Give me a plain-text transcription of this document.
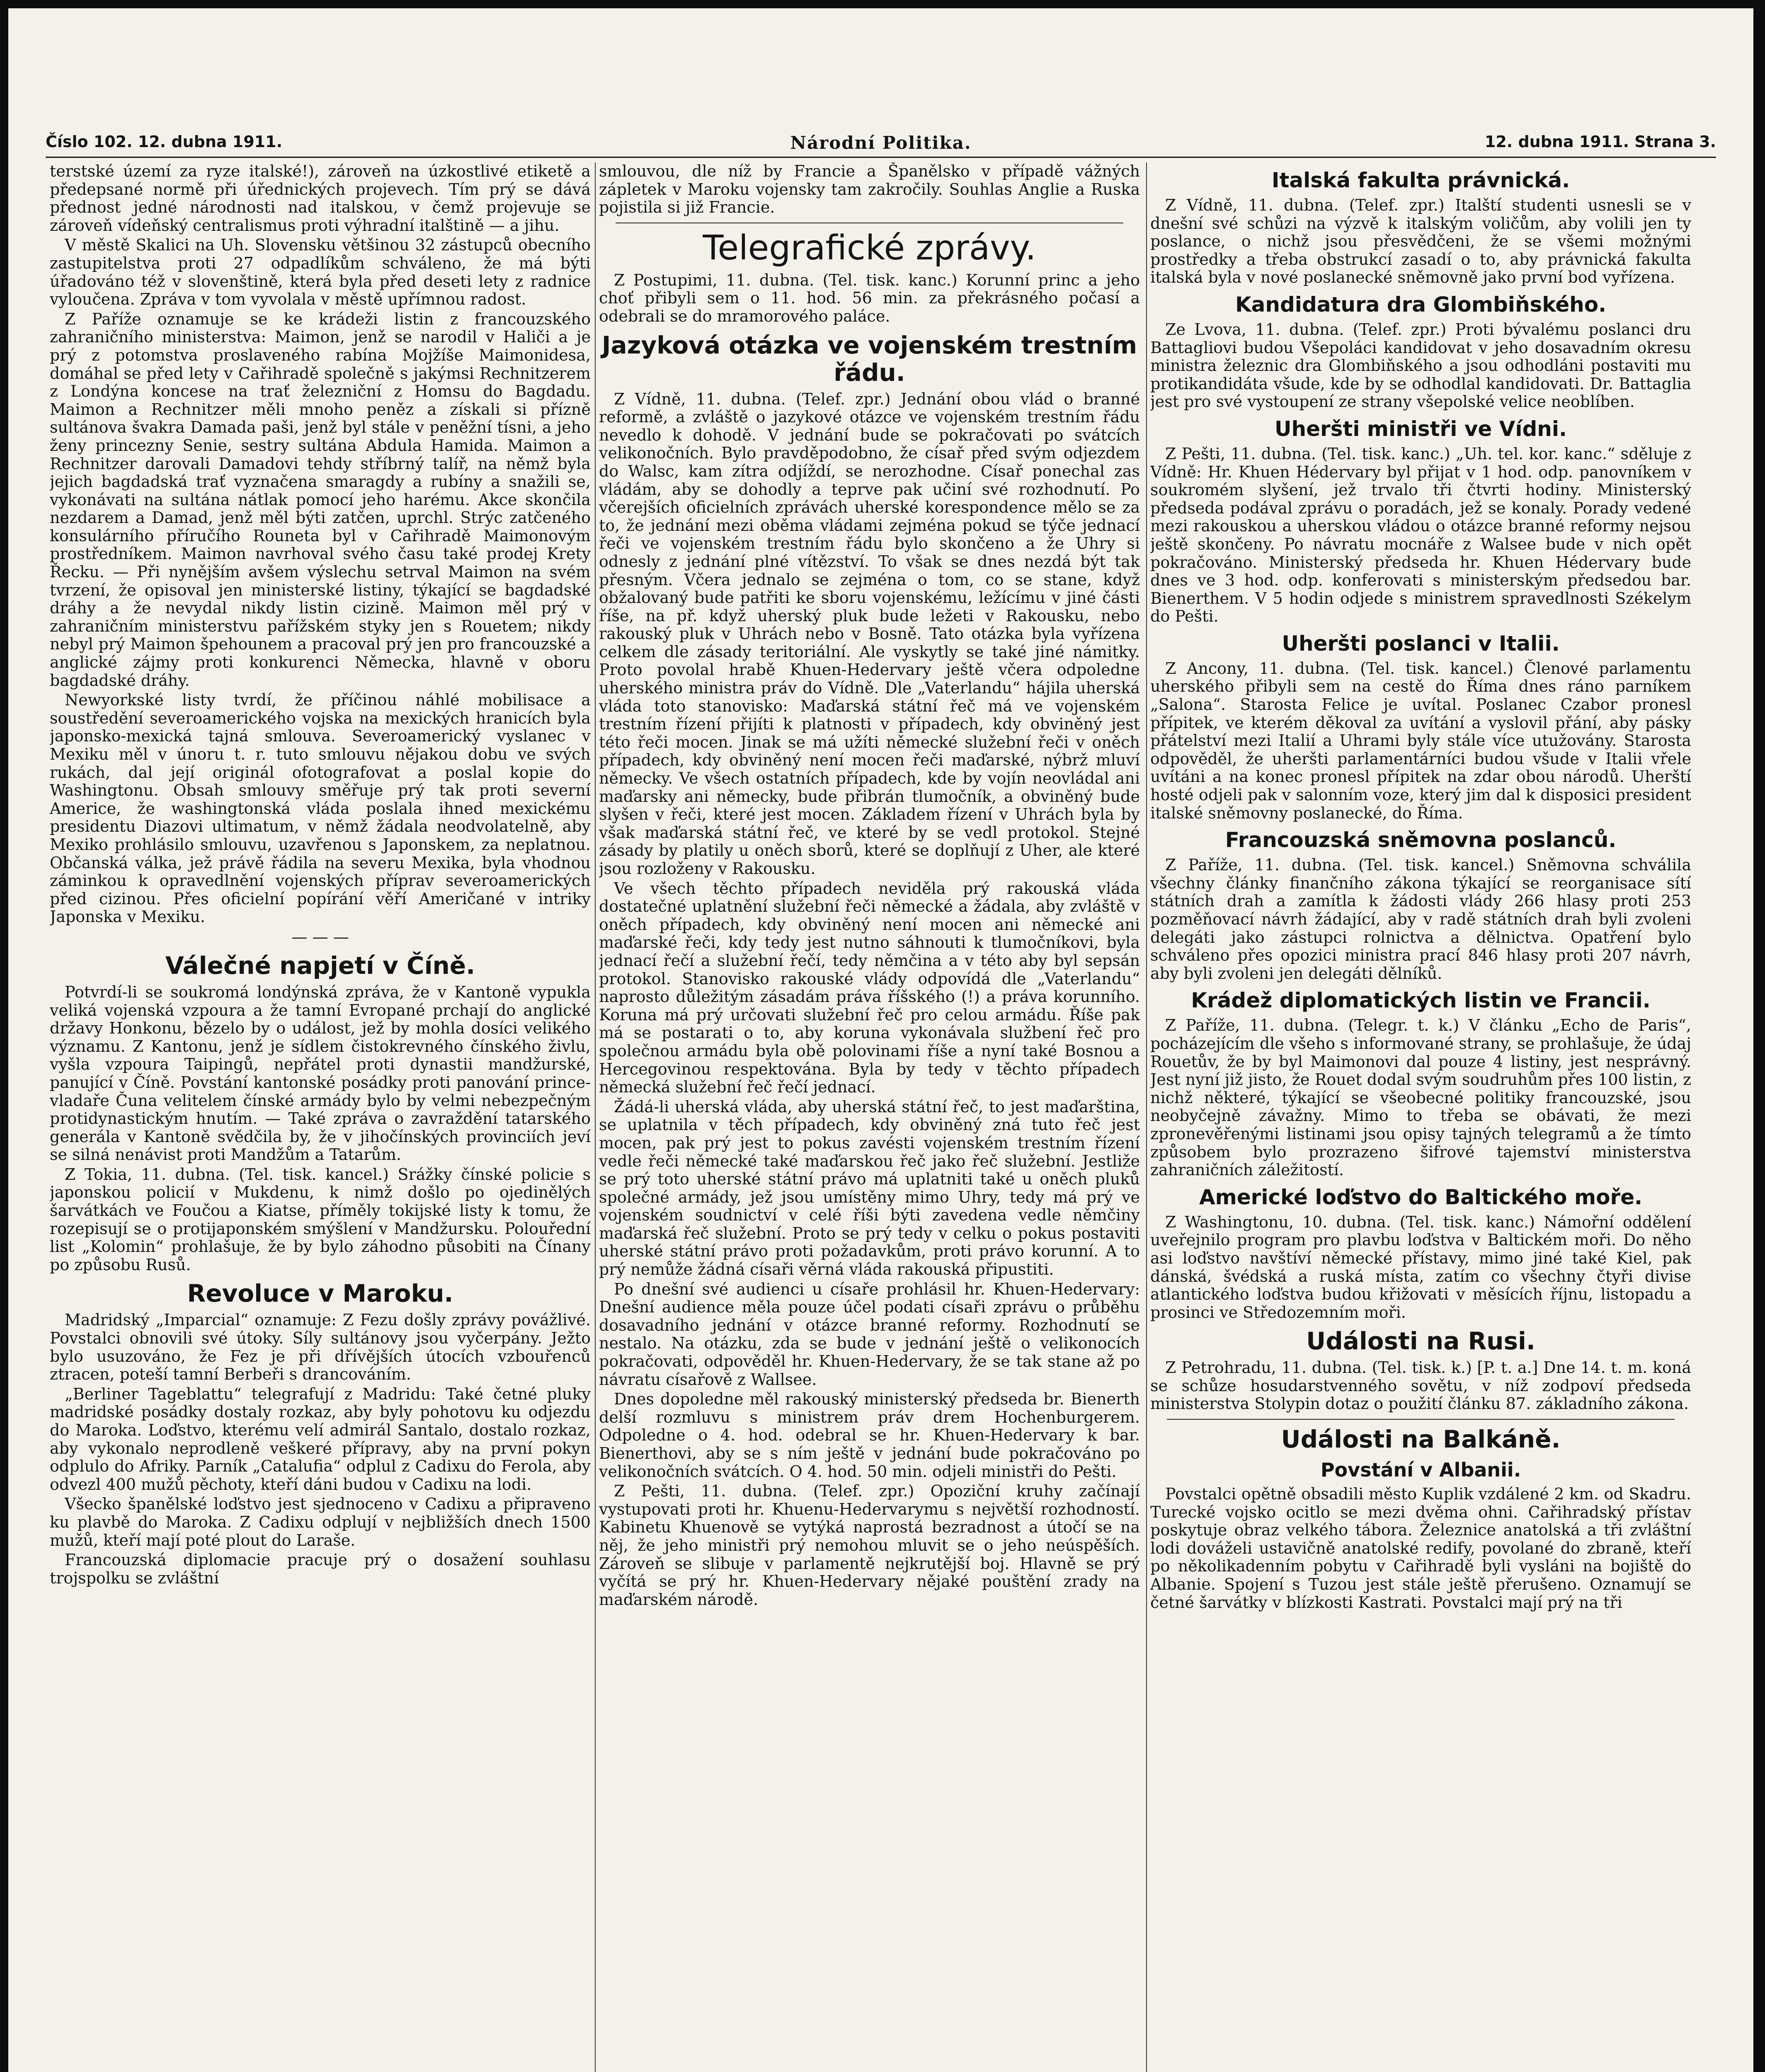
Číslo 102. 12. dubna 1911.	Národní Politika.	12. dubna 1911. Strana 3.

terstské území za ryze italské!), zároveň na úzkostlivé etiketě a předepsané normě při úřednických projevech. Tím prý se dává přednost jedné národnosti nad italskou, v čemž projevuje se zároveň vídeňský centralismus proti výhradní italštině — a jihu.

V městě Skalici na Uh. Slovensku většinou 32 zástupců obecního zastupitelstva proti 27 odpadlíkům schváleno, že má býti úřadováno též v slovenštině, která byla před deseti lety z radnice vyloučena. Zpráva v tom vyvolala v městě upřímnou radost.

Z Paříže oznamuje se ke krádeži listin z francouzského zahraničního ministerstva: Maimon, jenž se narodil v Haliči a je prý z potomstva proslaveného rabína Mojžíše Maimonidesa, domáhal se před lety v Cařihradě společně s jakýmsi Rechnitzerem z Londýna koncese na trať železniční z Homsu do Bagdadu. Maimon a Rechnitzer měli mnoho peněz a získali si přízně sultánova švakra Damada paši, jenž byl stále v peněžní tísni, a jeho ženy princezny Senie, sestry sultána Abdula Hamida. Maimon a Rechnitzer darovali Damadovi tehdy stříbrný talíř, na němž byla jejich bagdadská trať vyznačena smaragdy a rubíny a snažili se, vykonávati na sultána nátlak pomocí jeho harému. Akce skončila nezdarem a Damad, jenž měl býti zatčen, uprchl. Strýc zatčeného konsulárního příručího Rouneta byl v Cařihradě Maimonovým prostředníkem. Maimon navrhoval svého času také prodej Krety Řecku. — Při nynějším avšem výslechu setrval Maimon na svém tvrzení, že opisoval jen ministerské listiny, týkající se bagdadské dráhy a že nevydal nikdy listin cizině. Maimon měl prý v zahraničním ministerstvu pařížském styky jen s Rouetem; nikdy nebyl prý Maimon špehounem a pracoval prý jen pro francouzské a anglické zájmy proti konkurenci Německa, hlavně v oboru bagdadské dráhy.

Newyorkské listy tvrdí, že příčinou náhlé mobilisace a soustředění severoamerického vojska na mexických hranicích byla japonsko-mexická tajná smlouva. Severoamerický vyslanec v Mexiku měl v únoru t. r. tuto smlouvu nějakou dobu ve svých rukách, dal její originál ofotografovat a poslal kopie do Washingtonu. Obsah smlouvy směřuje prý tak proti severní Americe, že washingtonská vláda poslala ihned mexickému presidentu Diazovi ultimatum, v němž žádala neodvolatelně, aby Mexiko prohlásilo smlouvu, uzavřenou s Japonskem, za neplatnou. Občanská válka, jež právě řádila na severu Mexika, byla vhodnou záminkou k opravedlnění vojenských příprav severoamerických před cizinou. Přes oficielní popírání věří Američané v intriky Japonska v Mexiku.

— — —
Válečné napjetí v Číně.

Potvrdí-li se soukromá londýnská zpráva, že v Kantoně vypukla veliká vojenská vzpoura a že tamní Evropané prchají do anglické državy Honkonu, bězelo by o událost, jež by mohla dosíci velikého významu. Z Kantonu, jenž je sídlem čistokrevného čínského živlu, vyšla vzpoura Taipingů, nepřátel proti dynastii mandžurské, panující v Číně. Povstání kantonské posádky proti panování prince-vladaře Čuna velitelem čínské armády bylo by velmi nebezpečným protidynastickým hnutím. — Také zpráva o zavraždění tatarského generála v Kantoně svědčila by, že v jihočínských provinciích jeví se silná nenávist proti Mandžům a Tatarům.

Z Tokia, 11. dubna. (Tel. tisk. kancel.) Srážky čínské policie s japonskou policií v Mukdenu, k nimž došlo po ojedinělých šarvátkách ve Foučou a Kiatse, příměly tokijské listy k tomu, že rozepisují se o protijaponském smýšlení v Mandžursku. Polouřední list „Kolomin“ prohlašuje, že by bylo záhodno působiti na Čínany po způsobu Rusů.

Revoluce v Maroku.

Madridský „Imparcial“ oznamuje: Z Fezu došly zprávy povážlivé. Povstalci obnovili své útoky. Síly sultánovy jsou vyčerpány. Ježto bylo usuzováno, že Fez je při dřívějších útocích vzbouřenců ztracen, poteší tamní Berbeři s drancováním.

„Berliner Tageblattu“ telegrafují z Madridu: Také četné pluky madridské posádky dostaly rozkaz, aby byly pohotovu ku odjezdu do Maroka. Loďstvo, kterému velí admirál Santalo, dostalo rozkaz, aby vykonalo neprodleně veškeré přípravy, aby na první pokyn odplulo do Afriky. Parník „Catalufia“ odplul z Cadixu do Ferola, aby odvezl 400 mužů pěchoty, kteří dáni budou v Cadixu na lodi.

Všecko španělské loďstvo jest sjednoceno v Cadixu a připraveno ku plavbě do Maroka. Z Cadixu odplují v nejbližších dnech 1500 mužů, kteří mají poté plout do Laraše.

Francouzská diplomacie pracuje prý o dosažení souhlasu trojspolku se zvláštní

smlouvou, dle níž by Francie a Španělsko v případě vážných zápletek v Maroku vojensky tam zakročily. Souhlas Anglie a Ruska pojistila si již Francie.

Telegrafické zprávy.

Z Postupimi, 11. dubna. (Tel. tisk. kanc.) Korunní princ a jeho choť přibyli sem o 11. hod. 56 min. za překrásného počasí a odebrali se do mramorového paláce.

Jazyková otázka ve vojenském trestním řádu.

Z Vídně, 11. dubna. (Telef. zpr.) Jednání obou vlád o branné reformě, a zvláště o jazykové otázce ve vojenském trestním řádu nevedlo k dohodě. V jednání bude se pokračovati po svátcích velikonočních. Bylo pravděpodobno, že císař před svým odjezdem do Walsc, kam zítra odjíždí, se nerozhodne. Císař ponechal zas vládám, aby se dohodly a teprve pak učiní své rozhodnutí. Po včerejších oficielních zprávách uherské korespondence mělo se za to, že jednání mezi oběma vládami zejména pokud se týče jednací řeči ve vojenském trestním řádu bylo skončeno a že Uhry si odnesly z jednání plné vítězství. To však se dnes nezdá být tak přesným. Včera jednalo se zejména o tom, co se stane, když obžalovaný bude patřiti ke sboru vojenskému, ležícímu v jiné části říše, na př. když uherský pluk bude ležeti v Rakousku, nebo rakouský pluk v Uhrách nebo v Bosně. Tato otázka byla vyřízena celkem dle zásady teritoriální. Ale vyskytly se také jiné námitky. Proto povolal hrabě Khuen-Hedervary ještě včera odpoledne uherského ministra práv do Vídně. Dle „Vaterlandu“ hájila uherská vláda toto stanovisko: Maďarská státní řeč má ve vojenském trestním řízení přijíti k platnosti v případech, kdy obviněný jest této řeči mocen. Jinak se má užíti německé služební řeči v oněch případech, kdy obviněný není mocen řeči maďarské, nýbrž mluví německy. Ve všech ostatních případech, kde by vojín neovládal ani maďarsky ani německy, bude přibrán tlumočník, a obviněný bude slyšen v řeči, které jest mocen. Základem řízení v Uhrách byla by však maďarská státní řeč, ve které by se vedl protokol. Stejné zásady by platily u oněch sborů, které se doplňují z Uher, ale které jsou rozloženy v Rakousku.

Ve všech těchto případech neviděla prý rakouská vláda dostatečné uplatnění služební řeči německé a žádala, aby zvláště v oněch případech, kdy obviněný není mocen ani německé ani maďarské řeči, kdy tedy jest nutno sáhnouti k tlumočníkovi, byla jednací řečí a služební řečí, tedy němčina a v této aby byl sepsán protokol. Stanovisko rakouské vlády odpovídá dle „Vaterlandu“ naprosto důležitým zásadám práva říšského (!) a práva korunního. Koruna má prý určovati služební řeč pro celou armádu. Říše pak má se postarati o to, aby koruna vykonávala službení řeč pro společnou armádu byla obě polovinami říše a nyní také Bosnou a Hercegovinou respektována. Byla by tedy v těchto případech německá služební řeč řečí jednací.

Žádá-li uherská vláda, aby uherská státní řeč, to jest maďarština, se uplatnila v těch případech, kdy obviněný zná tuto řeč jest mocen, pak prý jest to pokus zavésti vojenském trestním řízení vedle řeči německé také maďarskou řeč jako řeč služební. Jestliže se prý toto uherské státní právo má uplatniti také u oněch pluků společné armády, jež jsou umístěny mimo Uhry, tedy má prý ve vojenském soudnictví v celé říši býti zavedena vedle němčiny maďarská řeč služební. Proto se prý tedy v celku o pokus postaviti uherské státní právo proti požadavkům, proti právo korunní. A to prý nemůže žádná císaři věrná vláda rakouská připustiti.

Po dnešní své audienci u císaře prohlásil hr. Khuen-Hedervary: Dnešní audience měla pouze účel podati císaři zprávu o průběhu dosavadního jednání v otázce branné reformy. Rozhodnutí se nestalo. Na otázku, zda se bude v jednání ještě o velikonocích pokračovati, odpověděl hr. Khuen-Hedervary, že se tak stane až po návratu císařově z Wallsee.

Dnes dopoledne měl rakouský ministerský předseda br. Bienerth delší rozmluvu s ministrem práv drem Hochenburgerem. Odpoledne o 4. hod. odebral se hr. Khuen-Hedervary k bar. Bienerthovi, aby se s ním ještě v jednání bude pokračováno po velikonočních svátcích. O 4. hod. 50 min. odjeli ministři do Pešti.

Z Pešti, 11. dubna. (Telef. zpr.) Opoziční kruhy začínají vystupovati proti hr. Khuenu-Hedervarymu s největší rozhodností. Kabinetu Khuenově se vytýká naprostá bezradnost a útočí se na něj, že jeho ministři prý nemohou mluvit se o jeho neúspěších. Zároveň se slibuje v parlamentě nejkrutější boj. Hlavně se prý vyčítá se prý hr. Khuen-Hedervary nějaké pouštění zrady na maďarském národě.

Italská fakulta právnická.

Z Vídně, 11. dubna. (Telef. zpr.) Italští studenti usnesli se v dnešní své schůzi na výzvě k italským voličům, aby volili jen ty poslance, o nichž jsou přesvědčeni, že se všemi možnými prostředky a třeba obstrukcí zasadí o to, aby právnická fakulta italská byla v nové poslanecké sněmovně jako první bod vyřízena.

Kandidatura dra Glombiňského.

Ze Lvova, 11. dubna. (Telef. zpr.) Proti bývalému poslanci dru Battagliovi budou Všepoláci kandidovat v jeho dosavadním okresu ministra železnic dra Glombiňského a jsou odhodláni postaviti mu protikandidáta všude, kde by se odhodlal kandidovati. Dr. Battaglia jest pro své vystoupení ze strany všepolské velice neoblíben.

Uheršti ministři ve Vídni.

Z Pešti, 11. dubna. (Tel. tisk. kanc.) „Uh. tel. kor. kanc.“ sděluje z Vídně: Hr. Khuen Hédervary byl přijat v 1 hod. odp. panovníkem v soukromém slyšení, jež trvalo tři čtvrti hodiny. Ministerský předseda podával zprávu o poradách, jež se konaly. Porady vedené mezi rakouskou a uherskou vládou o otázce branné reformy nejsou ještě skončeny. Po návratu mocnáře z Walsee bude v nich opět pokračováno. Ministerský předseda hr. Khuen Hédervary bude dnes ve 3 hod. odp. konferovati s ministerským předsedou bar. Bienerthem. V 5 hodin odjede s ministrem spravedlnosti Székelym do Pešti.

Uheršti poslanci v Italii.

Z Ancony, 11. dubna. (Tel. tisk. kancel.) Členové parlamentu uherského přibyli sem na cestě do Říma dnes ráno parníkem „Salona“. Starosta Felice je uvítal. Poslanec Czabor pronesl přípitek, ve kterém děkoval za uvítání a vyslovil přání, aby pásky přátelství mezi Italií a Uhrami byly stále více utužovány. Starosta odpověděl, že uheršti parlamentárníci budou všude v Italii vřele uvítáni a na konec pronesl přípitek na zdar obou národů. Uherští hosté odjeli pak v salonním voze, který jim dal k disposici president italské sněmovny poslanecké, do Říma.

Francouzská sněmovna poslanců.

Z Paříže, 11. dubna. (Tel. tisk. kancel.) Sněmovna schválila všechny články finančního zákona týkající se reorganisace sítí státních drah a zamítla k žádosti vlády 266 hlasy proti 253 pozměňovací návrh žádající, aby v radě státních drah byli zvoleni delegáti jako zástupci rolnictva a dělnictva. Opatření bylo schváleno přes opozici ministra prací 846 hlasy proti 207 návrh, aby byli zvoleni jen delegáti dělníků.

Krádež diplomatických listin ve Francii.

Z Paříže, 11. dubna. (Telegr. t. k.) V článku „Echo de Paris“, pocházejícím dle všeho s informované strany, se prohlašuje, že údaj Rouetův, že by byl Maimonovi dal pouze 4 listiny, jest nesprávný. Jest nyní již jisto, že Rouet dodal svým soudruhům přes 100 listin, z nichž některé, týkající se všeobecné politiky francouzské, jsou neobyčejně závažny. Mimo to třeba se obávati, že mezi zpronevěřenými listinami jsou opisy tajných telegramů a že tímto způsobem bylo prozrazeno šifrové tajemství ministerstva zahraničních záležitostí.

Americké loďstvo do Baltického moře.

Z Washingtonu, 10. dubna. (Tel. tisk. kanc.) Námořní oddělení uveřejnilo program pro plavbu loďstva v Baltickém moři. Do něho asi loďstvo navštíví německé přístavy, mimo jiné také Kiel, pak dánská, švédská a ruská místa, zatím co všechny čtyři divise atlantického loďstva budou křižovati v měsících říjnu, listopadu a prosinci ve Středozemním moři.

Události na Rusi.

Z Petrohradu, 11. dubna. (Tel. tisk. k.) [P. t. a.] Dne 14. t. m. koná se schůze hosudarstvenného sovětu, v níž zodpoví předseda ministerstva Stolypin dotaz o použití článku 87. základního zákona.

Události na Balkáně.
Povstání v Albanii.

Povstalci opětně obsadili město Kuplik vzdálené 2 km. od Skadru. Turecké vojsko ocitlo se mezi dvěma ohni. Cařihradský přístav poskytuje obraz velkého tábora. Železnice anatolská a tři zvláštní lodi dováželi ustavičně anatolské redify, povolané do zbraně, kteří po několikadenním pobytu v Cařihradě byli vysláni na bojiště do Albanie. Spojení s Tuzou jest stále ještě přerušeno. Oznamují se četné šarvátky v blízkosti Kastrati. Povstalci mají prý na tři
